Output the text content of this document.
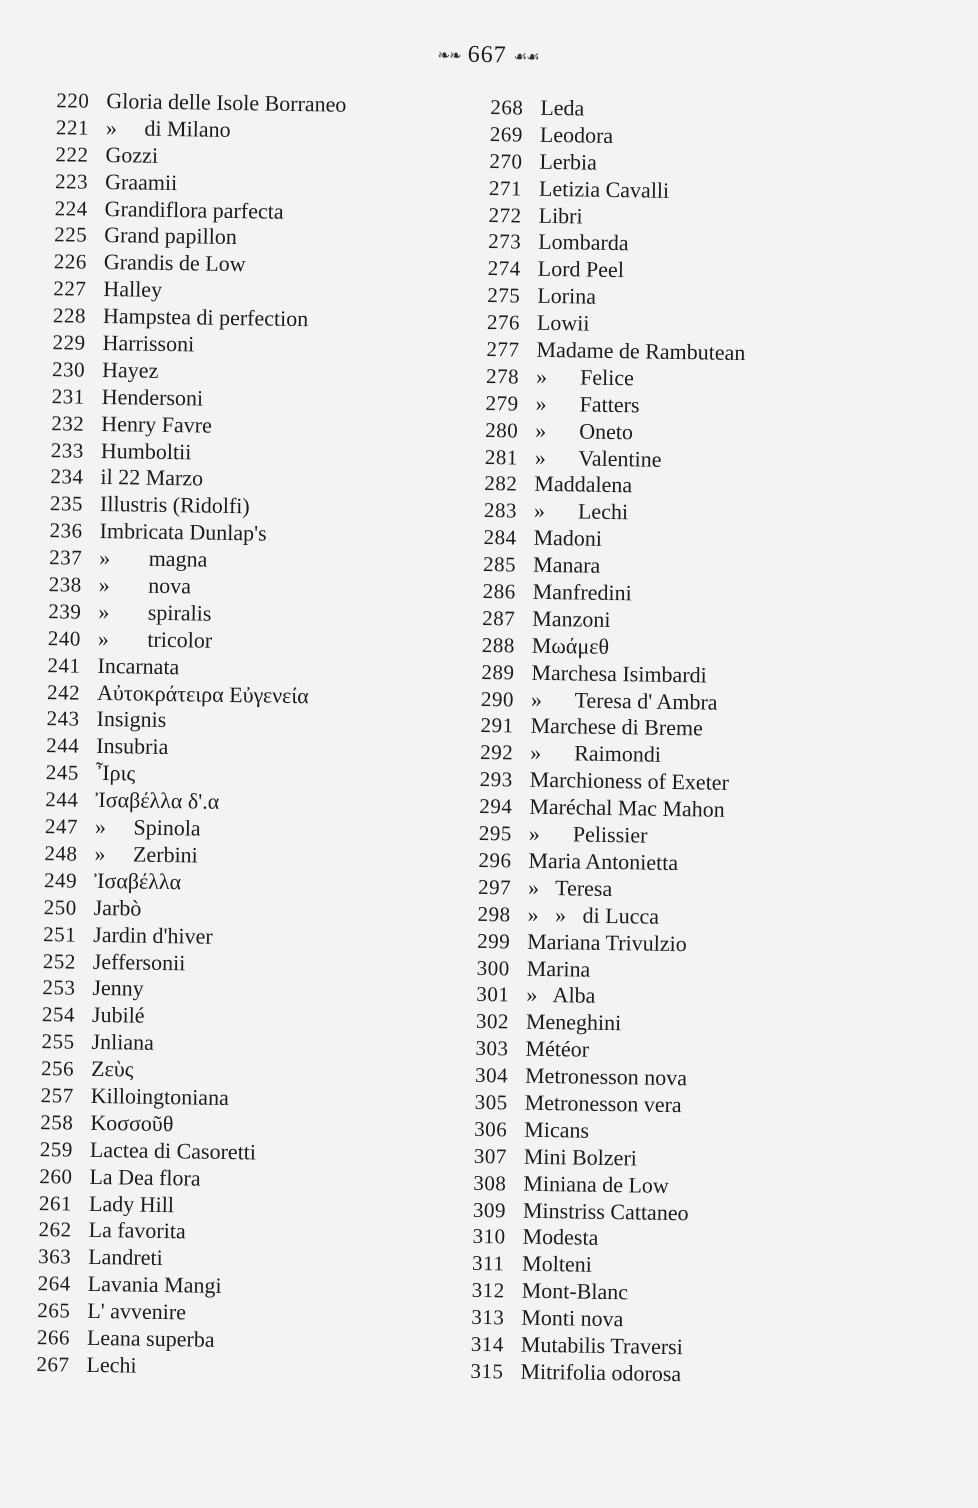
❧❧ 667 ☙☙
220 Gloria delle Isole Borraneo
221 »     di Milano
222 Gozzi
223 Graamii
224 Grandiflora parfecta
225 Grand papillon
226 Grandis de Low
227 Halley
228 Hampstea di perfection
229 Harrissoni
230 Hayez
231 Hendersoni
232 Henry Favre
233 Humboltii
234 il 22 Marzo
235 Illustris (Ridolfi)
236 Imbricata Dunlap's
237 »       magna
238 »       nova
239 »       spiralis
240 »       tricolor
241 Incarnata
242 Αὐτοκράτειρα Εὐγενεία
243 Insignis
244 Insubria
245 Ἶρις
244 Ἰσαβέλλα δ'.α
247 »     Spinola
248 »     Zerbini
249 Ἰσαβέλλα
250 Jarbò
251 Jardin d'hiver
252 Jeffersonii
253 Jenny
254 Jubilé
255 Jnliana
256 Ζεὺς
257 Killoingtoniana
258 Κοσσοῦθ
259 Lactea di Casoretti
260 La Dea flora
261 Lady Hill
262 La favorita
363 Landreti
264 Lavania Mangi
265 L' avvenire
266 Leana superba
267 Lechi
268 Leda
269 Leodora
270 Lerbia
271 Letizia Cavalli
272 Libri
273 Lombarda
274 Lord Peel
275 Lorina
276 Lowii
277 Madame de Rambutean
278 »      Felice
279 »      Fatters
280 »      Oneto
281 »      Valentine
282 Maddalena
283 »      Lechi
284 Madoni
285 Manara
286 Manfredini
287 Manzoni
288 Μωάμεθ
289 Marchesa Isimbardi
290 »      Teresa d' Ambra
291 Marchese di Breme
292 »      Raimondi
293 Marchioness of Exeter
294 Maréchal Mac Mahon
295 »      Pelissier
296 Maria Antonietta
297 »   Teresa
298 »   »   di Lucca
299 Mariana Trivulzio
300 Marina
301 »   Alba
302 Meneghini
303 Météor
304 Metronesson nova
305 Metronesson vera
306 Micans
307 Mini Bolzeri
308 Miniana de Low
309 Minstriss Cattaneo
310 Modesta
311 Molteni
312 Mont-Blanc
313 Monti nova
314 Mutabilis Traversi
315 Mitrifolia odorosa
